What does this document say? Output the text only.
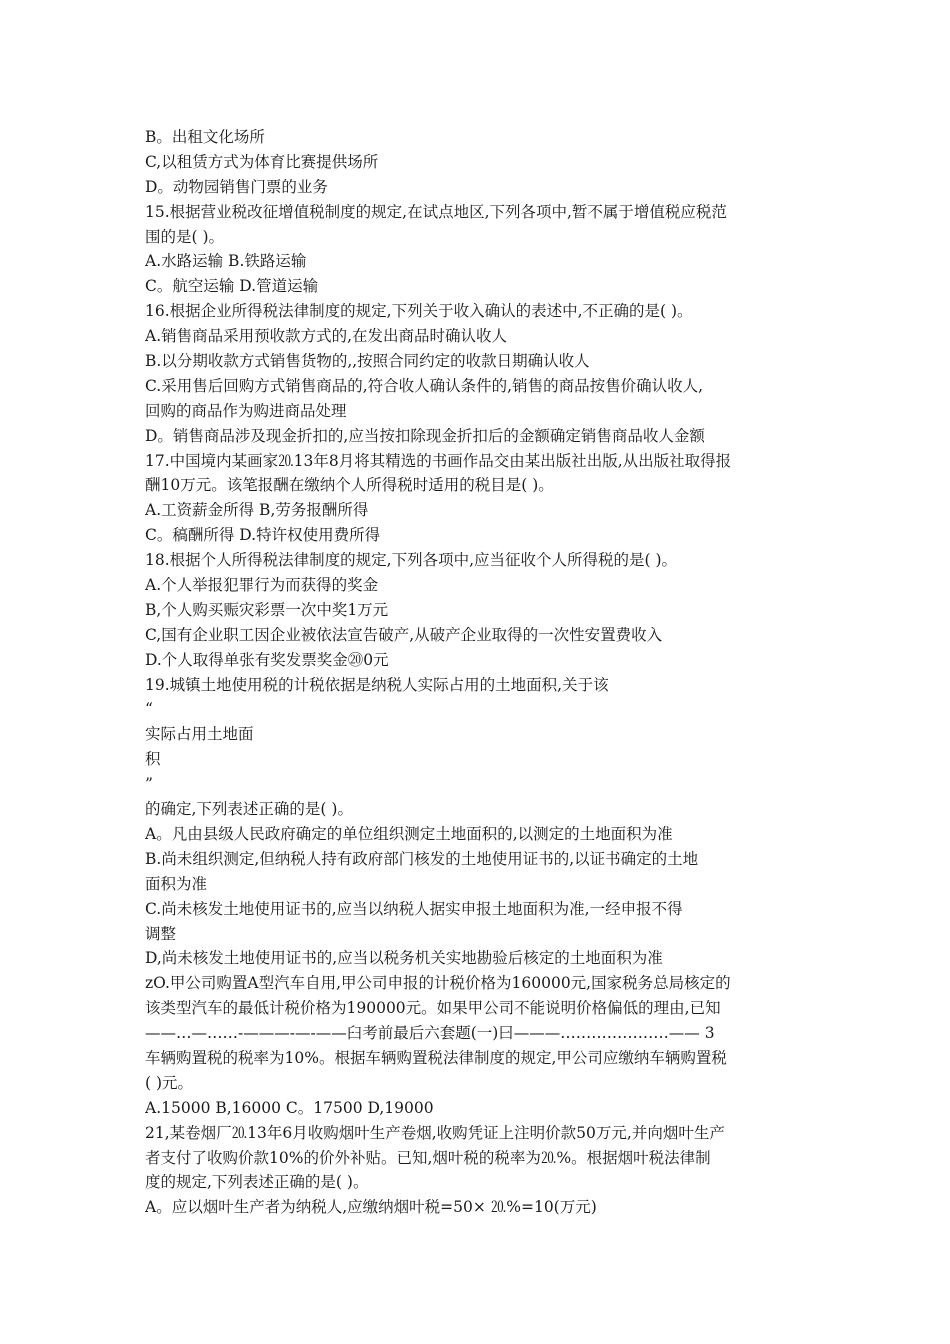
B。出租文化场所
C,以租赁方式为体育比赛提供场所
D。动物园销售门票的业务
15.根据营业税改征增值税制度的规定,在试点地区,下列各项中,暂不属于增值税应税范
围的是( )。
A.水路运输 B.铁路运输
C。航空运输 D.管道运输
16.根据企业所得税法律制度的规定,下列关于收入确认的表述中,不正确的是( )。
A.销售商品采用预收款方式的,在发出商品时确认收人
B.以分期收款方式销售货物的,,按照合同约定的收款日期确认收人
C.采用售后回购方式销售商品的,符合收人确认条件的,销售的商品按售价确认收人,
回购的商品作为购进商品处理
D。销售商品涉及现金折扣的,应当按扣除现金折扣后的金额确定销售商品收人金额
17.中国境内某画家⒛13年8月将其精选的书画作品交由某出版社出版,从出版社取得报
酬10万元。该笔报酬在缴纳个人所得税时适用的税目是( )。
A.工资薪金所得 B,劳务报酬所得
C。稿酬所得 D.特许权使用费所得
18.根据个人所得税法律制度的规定,下列各项中,应当征收个人所得税的是( )。
A.个人举报犯罪行为而获得的奖金
B,个人购买赈灾彩票一次中奖1万元
C,国有企业职工因企业被依法宣告破产,从破产企业取得的一次性安置费收入
D.个人取得单张有奖发票奖金⑳0元
19.城镇土地使用税的计税依据是纳税人实际占用的土地面积,关于该
“
实际占用土地面
积
”
的确定,下列表述正确的是( )。
A。凡由县级人民政府确定的单位组织测定土地面积的,以测定的土地面积为准
B.尚未组织测定,但纳税人持有政府部门核发的土地使用证书的,以证书确定的土地
面积为准
C.尚未核发土地使用证书的,应当以纳税人据实申报土地面积为准,一经申报不得
调整
D,尚未核发土地使用证书的,应当以税务机关实地勘验后核定的土地面积为准
zO.甲公司购置A型汽车自用,甲公司申报的计税价格为160000元,国家税务总局核定的
该类型汽车的最低计税价格为190000元。如果甲公司不能说明价格偏低的理由,已知
——…—……-———-—-——臼考前最后六套题(一)曰———…………………—— 3
车辆购置税的税率为10%。根据车辆购置税法律制度的规定,甲公司应缴纳车辆购置税
( )元。
A.15000 B,16000 C。17500 D,19000
21,某卷烟厂⒛13年6月收购烟叶生产卷烟,收购凭证上注明价款50万元,并向烟叶生产
者支付了收购价款10%的价外补贴。已知,烟叶税的税率为⒛%。根据烟叶税法律制
度的规定,下列表述正确的是( )。
A。应以烟叶生产者为纳税人,应缴纳烟叶税=50× ⒛%=10(万元)
